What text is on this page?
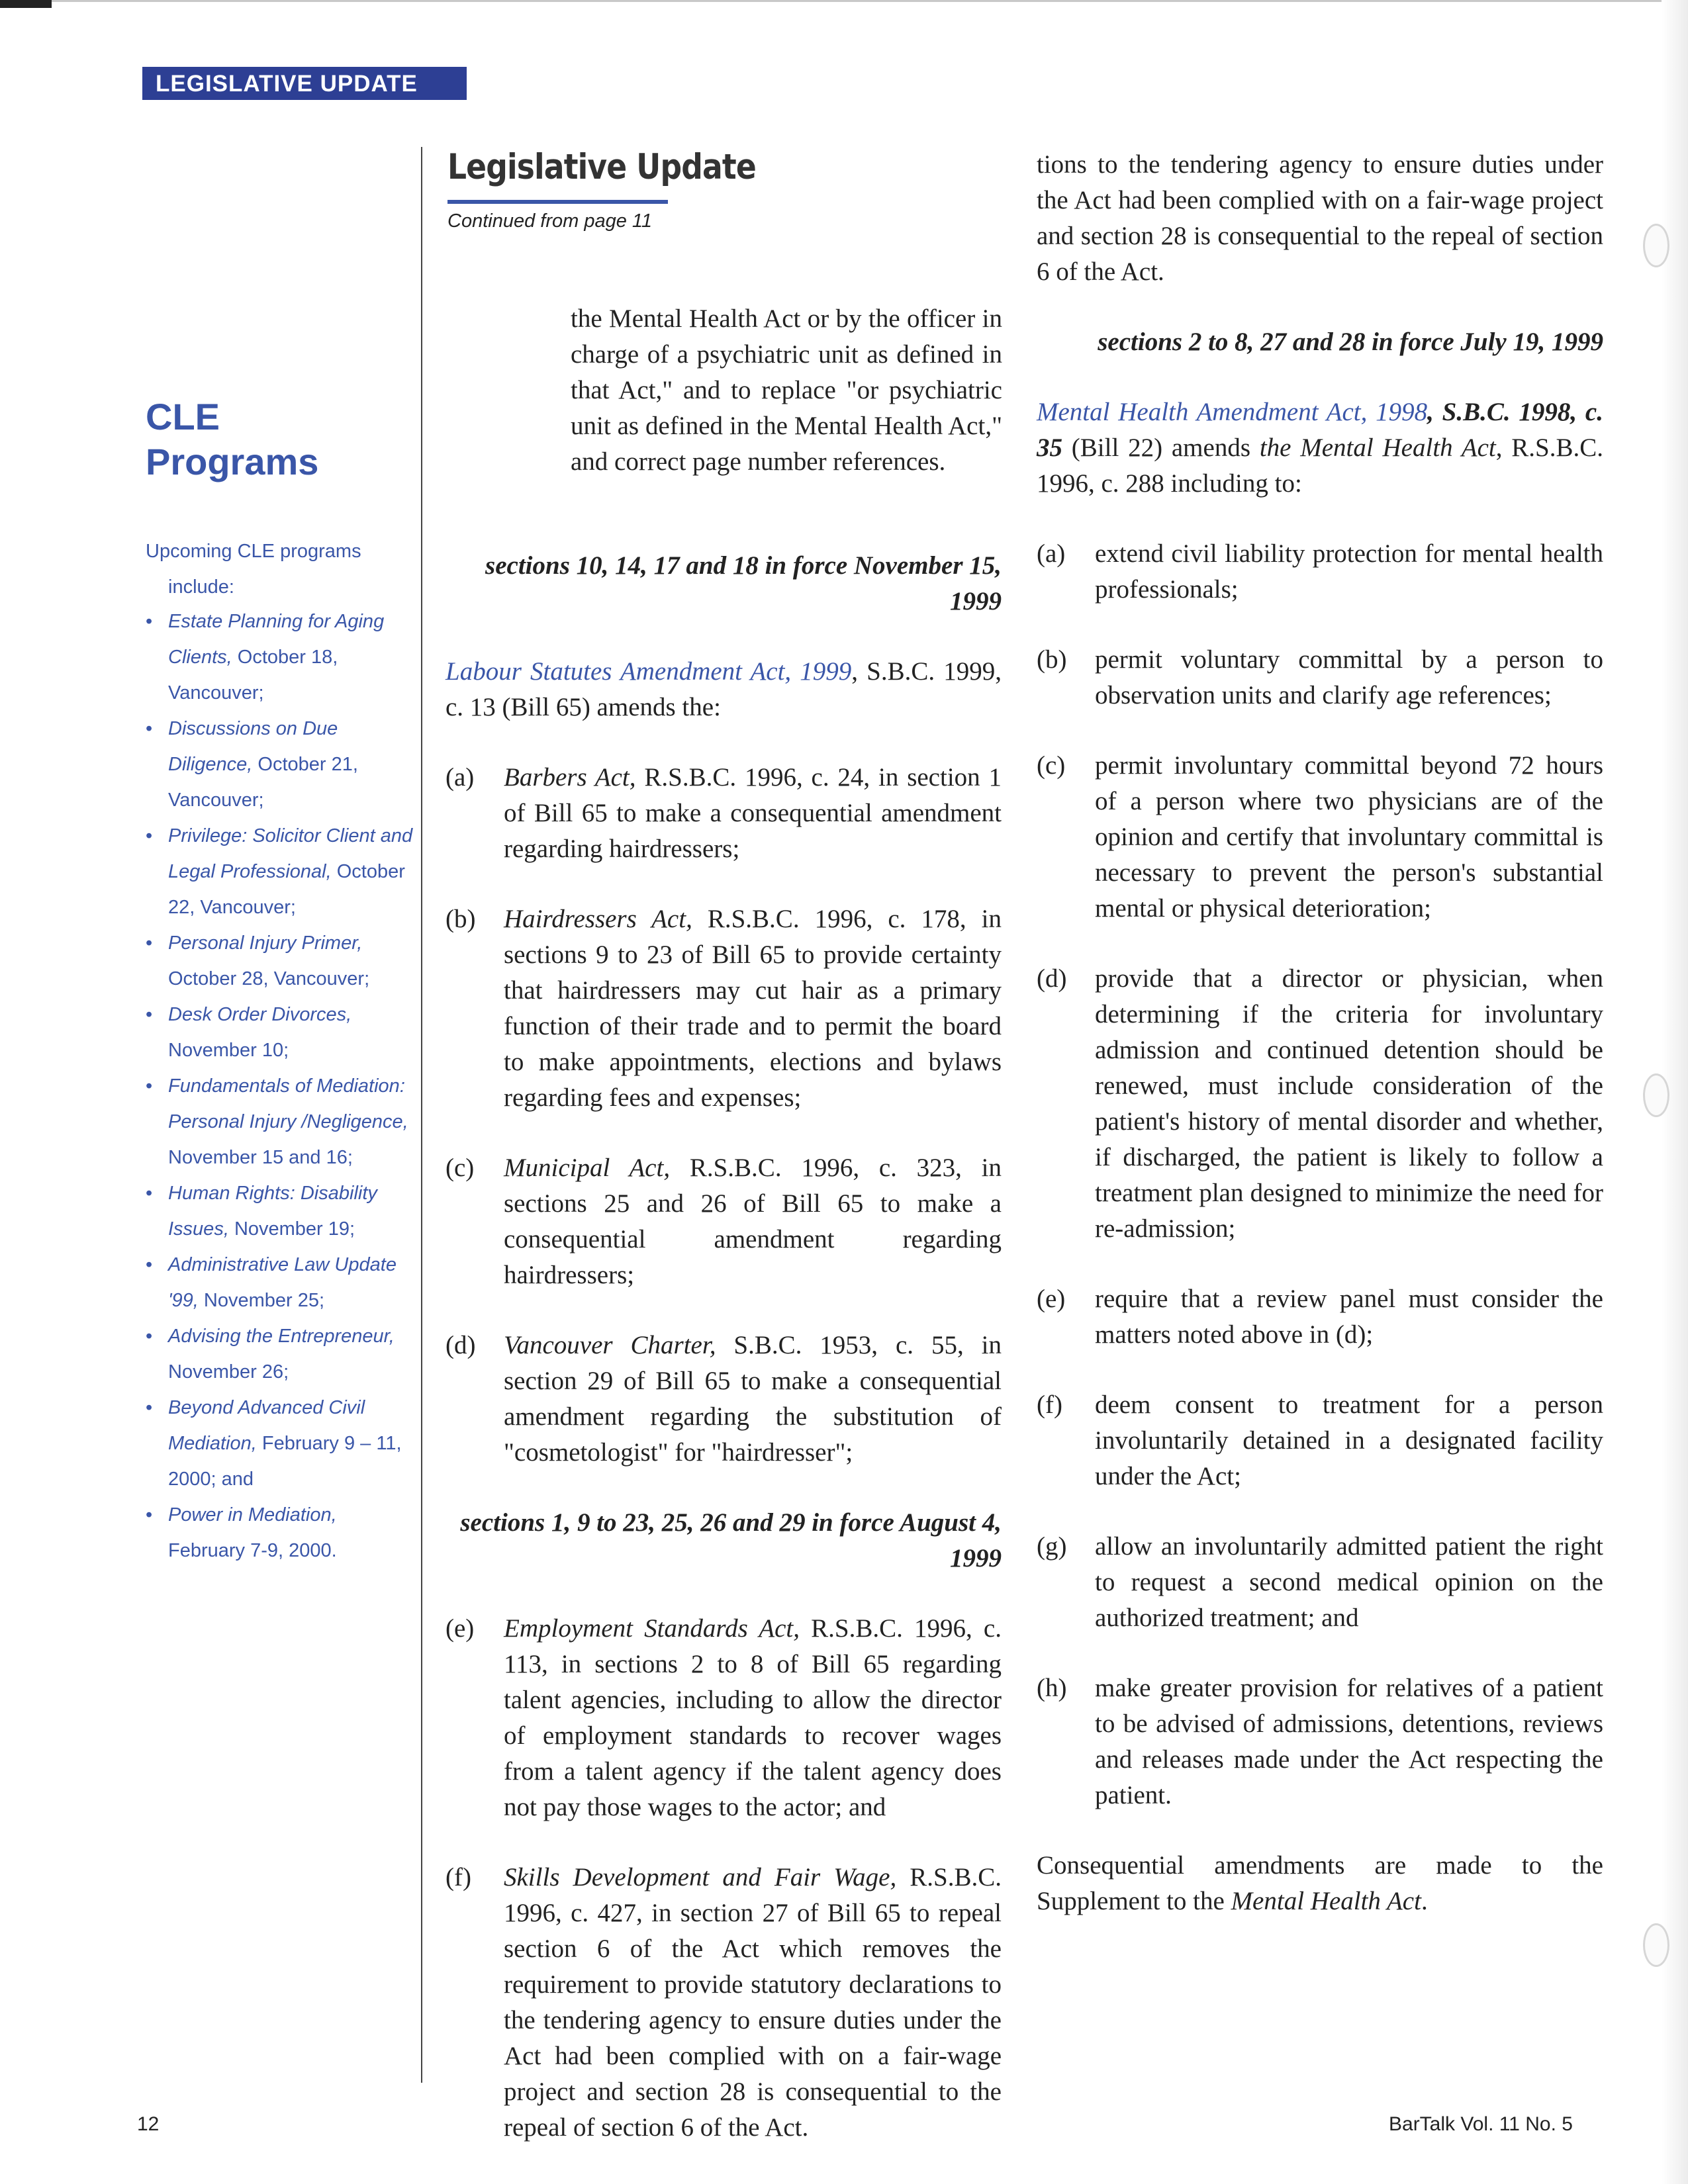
LEGISLATIVE UPDATE
CLE
Programs
Upcoming CLE programs
include:
• Estate Planning for Aging Clients, October 18, Vancouver;
• Discussions on Due Diligence, October 21, Vancouver;
• Privilege: Solicitor Client and Legal Professional, October 22, Vancouver;
• Personal Injury Primer, October 28, Vancouver;
• Desk Order Divorces, November 10;
• Fundamentals of Mediation: Personal Injury /Negligence, November 15 and 16;
• Human Rights: Disability Issues, November 19;
• Administrative Law Update '99, November 25;
• Advising the Entrepreneur, November 26;
• Beyond Advanced Civil Mediation, February 9 – 11, 2000; and
• Power in Mediation, February 7-9, 2000.
Legislative Update
Continued from page 11

the Mental Health Act or by the officer in charge of a psychiatric unit as defined in that Act," and to replace "or psychiatric unit as defined in the Mental Health Act," and correct page number references.

sections 10, 14, 17 and 18 in force November 15, 1999

Labour Statutes Amendment Act, 1999, S.B.C. 1999, c. 13 (Bill 65) amends the:

(a) Barbers Act, R.S.B.C. 1996, c. 24, in section 1 of Bill 65 to make a consequential amendment regarding hairdressers;
(b) Hairdressers Act, R.S.B.C. 1996, c. 178, in sections 9 to 23 of Bill 65 to provide certainty that hairdressers may cut hair as a primary function of their trade and to permit the board to make appointments, elections and bylaws regarding fees and expenses;
(c) Municipal Act, R.S.B.C. 1996, c. 323, in sections 25 and 26 of Bill 65 to make a consequential amendment regarding hairdressers;
(d) Vancouver Charter, S.B.C. 1953, c. 55, in section 29 of Bill 65 to make a consequential amendment regarding the substitution of "cosmetologist" for "hairdresser";

sections 1, 9 to 23, 25, 26 and 29 in force August 4, 1999

(e) Employment Standards Act, R.S.B.C. 1996, c. 113, in sections 2 to 8 of Bill 65 regarding talent agencies, including to allow the director of employment standards to recover wages from a talent agency if the talent agency does not pay those wages to the actor; and
(f) Skills Development and Fair Wage, R.S.B.C. 1996, c. 427, in section 27 of Bill 65 to repeal section 6 of the Act which removes the requirement to provide statutory declarations to the tendering agency to ensure duties under the Act had been complied with on a fair-wage project and section 28 is consequential to the repeal of section 6 of the Act.

tions to the tendering agency to ensure duties under the Act had been complied with on a fair-wage project and section 28 is consequential to the repeal of section 6 of the Act.

sections 2 to 8, 27 and 28 in force July 19, 1999

Mental Health Amendment Act, 1998, S.B.C. 1998, c. 35 (Bill 22) amends the Mental Health Act, R.S.B.C. 1996, c. 288 including to:

(a) extend civil liability protection for mental health professionals;
(b) permit voluntary committal by a person to observation units and clarify age references;
(c) permit involuntary committal beyond 72 hours of a person where two physicians are of the opinion and certify that involuntary committal is necessary to prevent the person's substantial mental or physical deterioration;
(d) provide that a director or physician, when determining if the criteria for involuntary admission and continued detention should be renewed, must include consideration of the patient's history of mental disorder and whether, if discharged, the patient is likely to follow a treatment plan designed to minimize the need for re-admission;
(e) require that a review panel must consider the matters noted above in (d);
(f) deem consent to treatment for a person involuntarily detained in a designated facility under the Act;
(g) allow an involuntarily admitted patient the right to request a second medical opinion on the authorized treatment; and
(h) make greater provision for relatives of a patient to be advised of admissions, detentions, reviews and releases made under the Act respecting the patient.

Consequential amendments are made to the Supplement to the Mental Health Act.

12	BarTalk Vol. 11 No. 5
